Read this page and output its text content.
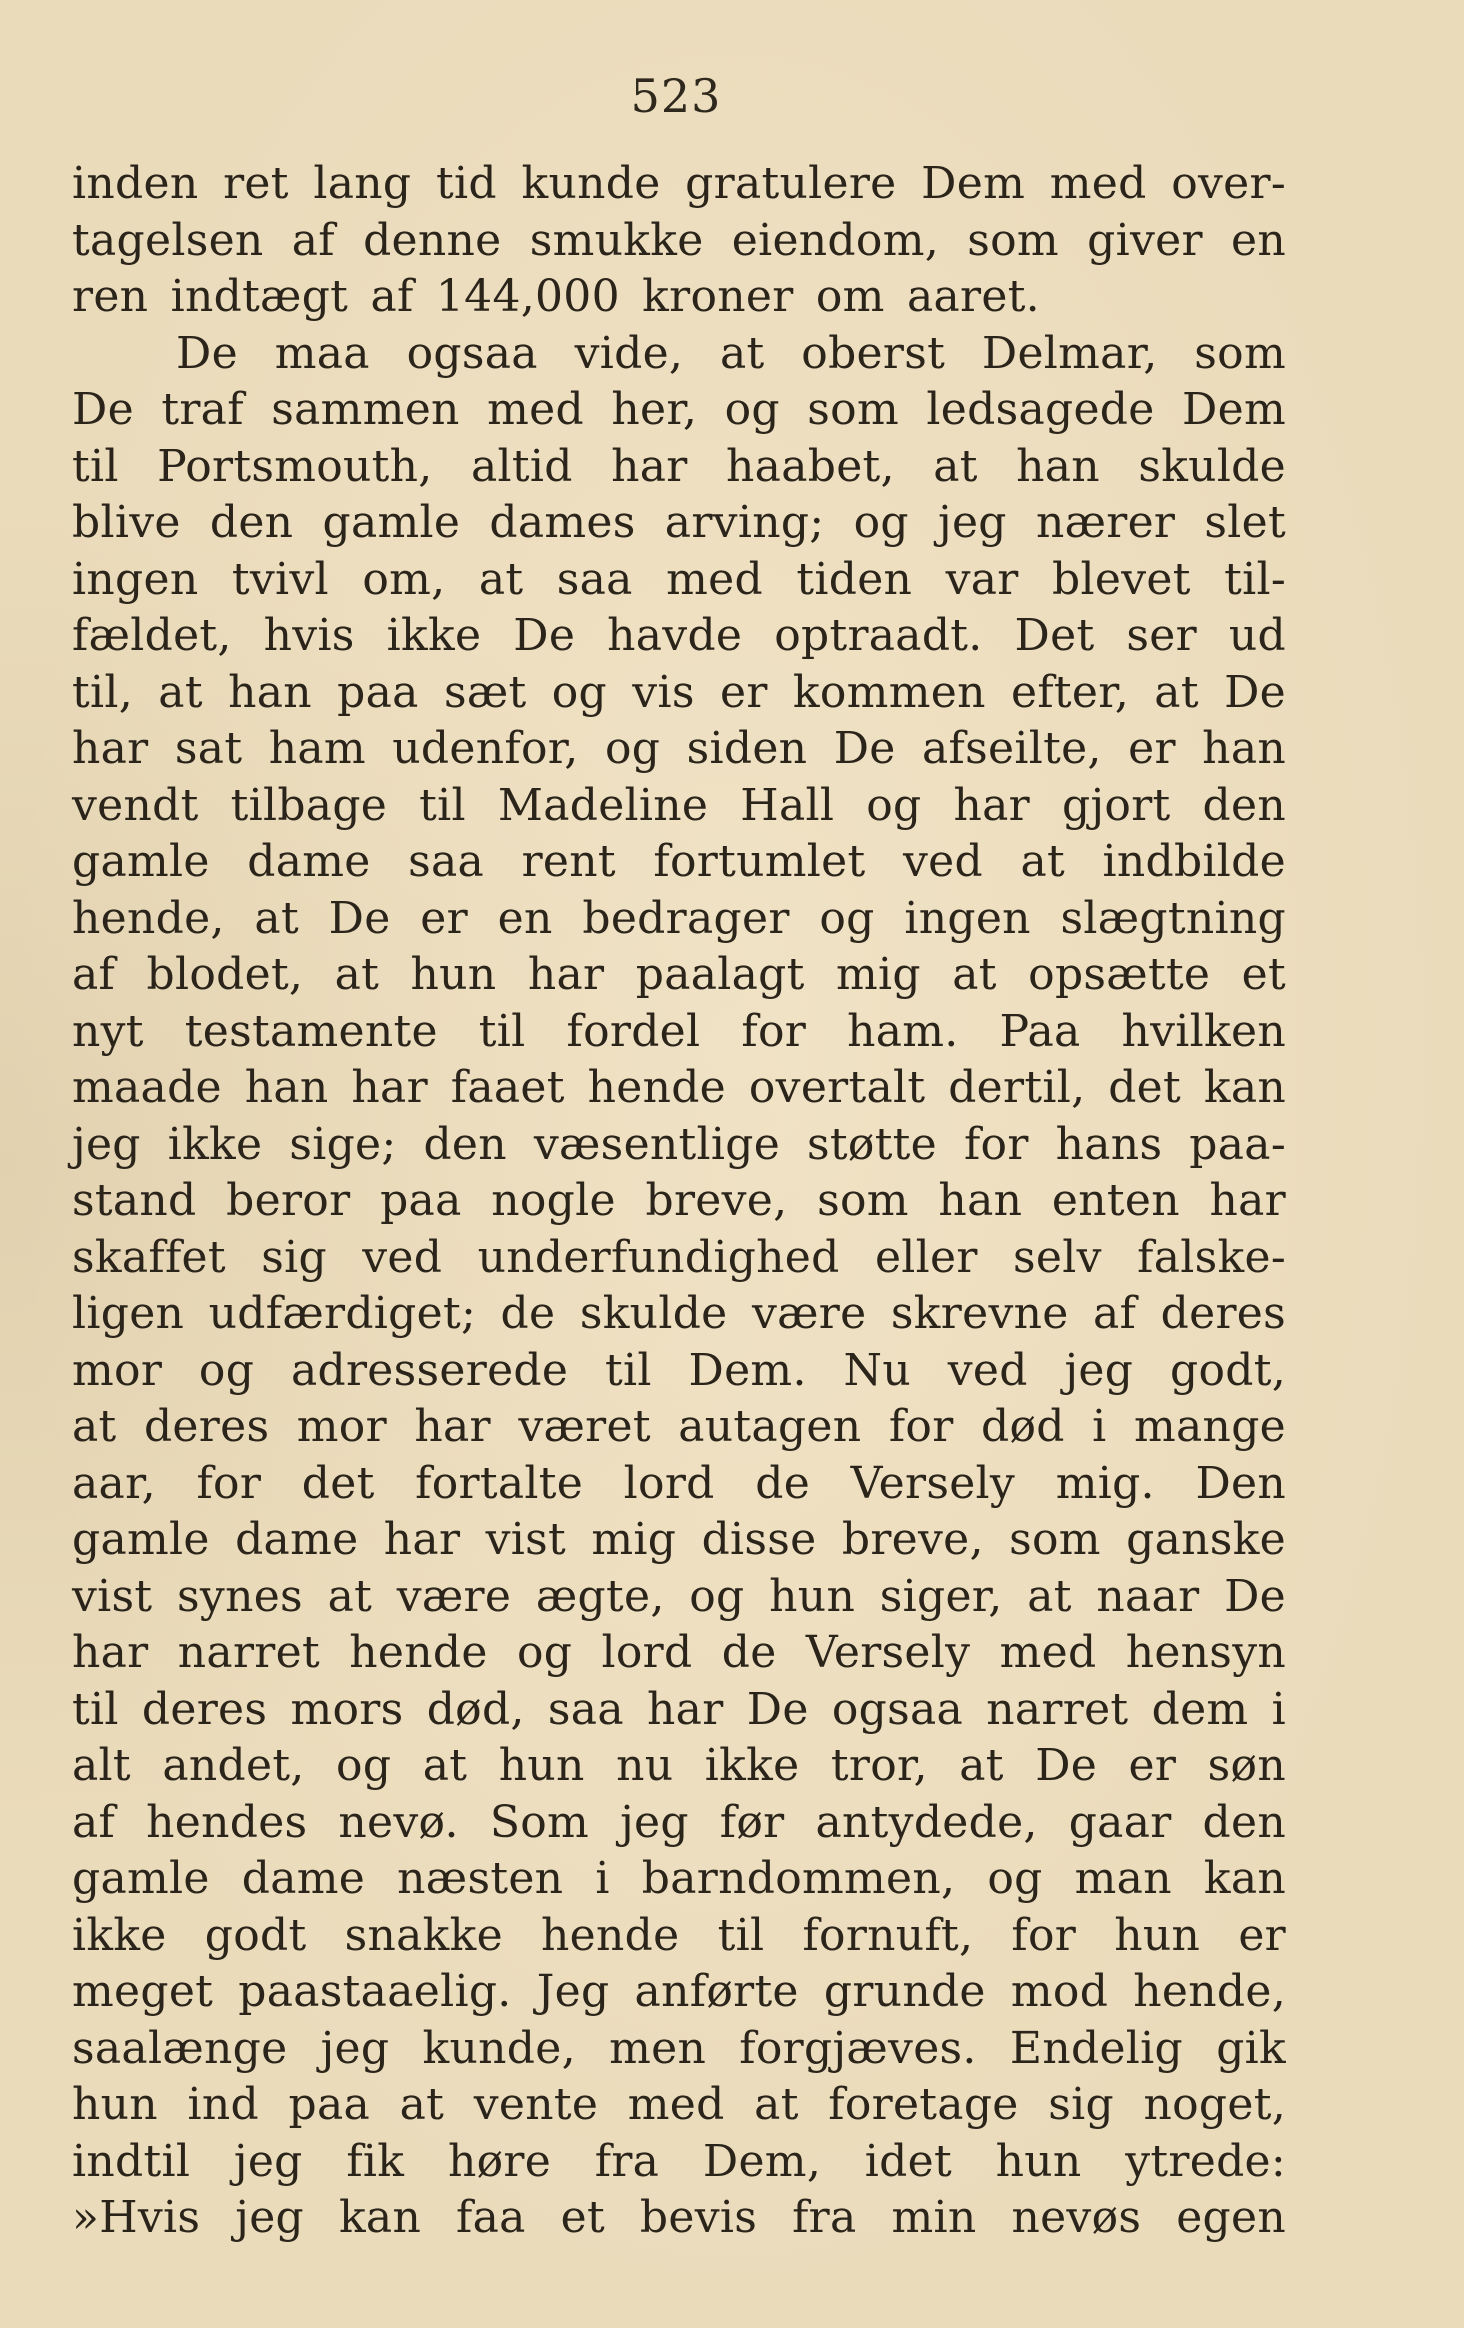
523
inden ret lang tid kunde gratulere Dem med over-
tagelsen af denne smukke eiendom, som giver en
ren indtægt af 144,000 kroner om aaret.
De maa ogsaa vide, at oberst Delmar, som
De traf sammen med her, og som ledsagede Dem
til Portsmouth, altid har haabet, at han skulde
blive den gamle dames arving; og jeg nærer slet
ingen tvivl om, at saa med tiden var blevet til-
fældet, hvis ikke De havde optraadt. Det ser ud
til, at han paa sæt og vis er kommen efter, at De
har sat ham udenfor, og siden De afseilte, er han
vendt tilbage til Madeline Hall og har gjort den
gamle dame saa rent fortumlet ved at indbilde
hende, at De er en bedrager og ingen slægtning
af blodet, at hun har paalagt mig at opsætte et
nyt testamente til fordel for ham. Paa hvilken
maade han har faaet hende overtalt dertil, det kan
jeg ikke sige; den væsentlige støtte for hans paa-
stand beror paa nogle breve, som han enten har
skaffet sig ved underfundighed eller selv falske-
ligen udfærdiget; de skulde være skrevne af deres
mor og adresserede til Dem. Nu ved jeg godt,
at deres mor har været autagen for død i mange
aar, for det fortalte lord de Versely mig. Den
gamle dame har vist mig disse breve, som ganske
vist synes at være ægte, og hun siger, at naar De
har narret hende og lord de Versely med hensyn
til deres mors død, saa har De ogsaa narret dem i
alt andet, og at hun nu ikke tror, at De er søn
af hendes nevø. Som jeg før antydede, gaar den
gamle dame næsten i barndommen, og man kan
ikke godt snakke hende til fornuft, for hun er
meget paastaaelig. Jeg anførte grunde mod hende,
saalænge jeg kunde, men forgjæves. Endelig gik
hun ind paa at vente med at foretage sig noget,
indtil jeg fik høre fra Dem, idet hun ytrede:
»Hvis jeg kan faa et bevis fra min nevøs egen
